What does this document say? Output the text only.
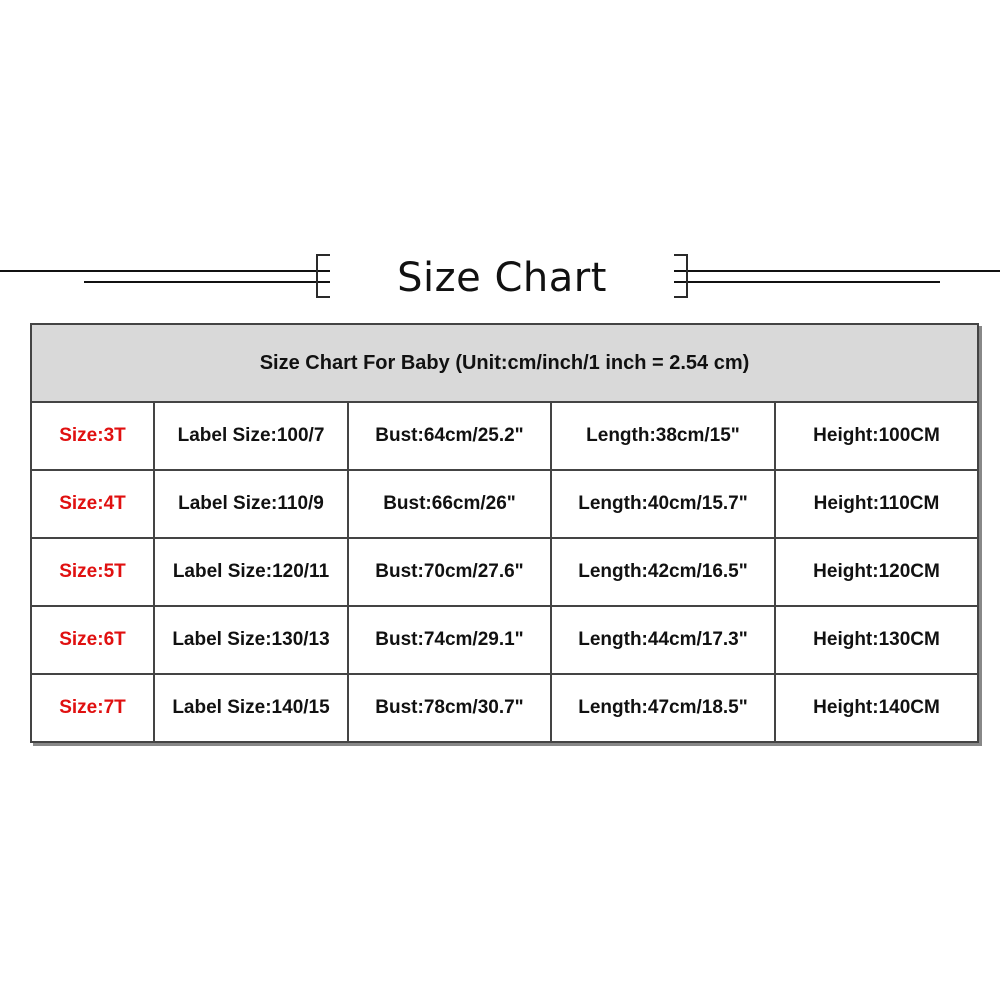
Size Chart
Size Chart For Baby (Unit:cm/inch/1 inch = 2.54 cm)				
Size:3T	Label Size:100/7	Bust:64cm/25.2"	Length:38cm/15"	Height:100CM
Size:4T	Label Size:110/9	Bust:66cm/26"	Length:40cm/15.7"	Height:110CM
Size:5T	Label Size:120/11	Bust:70cm/27.6"	Length:42cm/16.5"	Height:120CM
Size:6T	Label Size:130/13	Bust:74cm/29.1"	Length:44cm/17.3"	Height:130CM
Size:7T	Label Size:140/15	Bust:78cm/30.7"	Length:47cm/18.5"	Height:140CM
